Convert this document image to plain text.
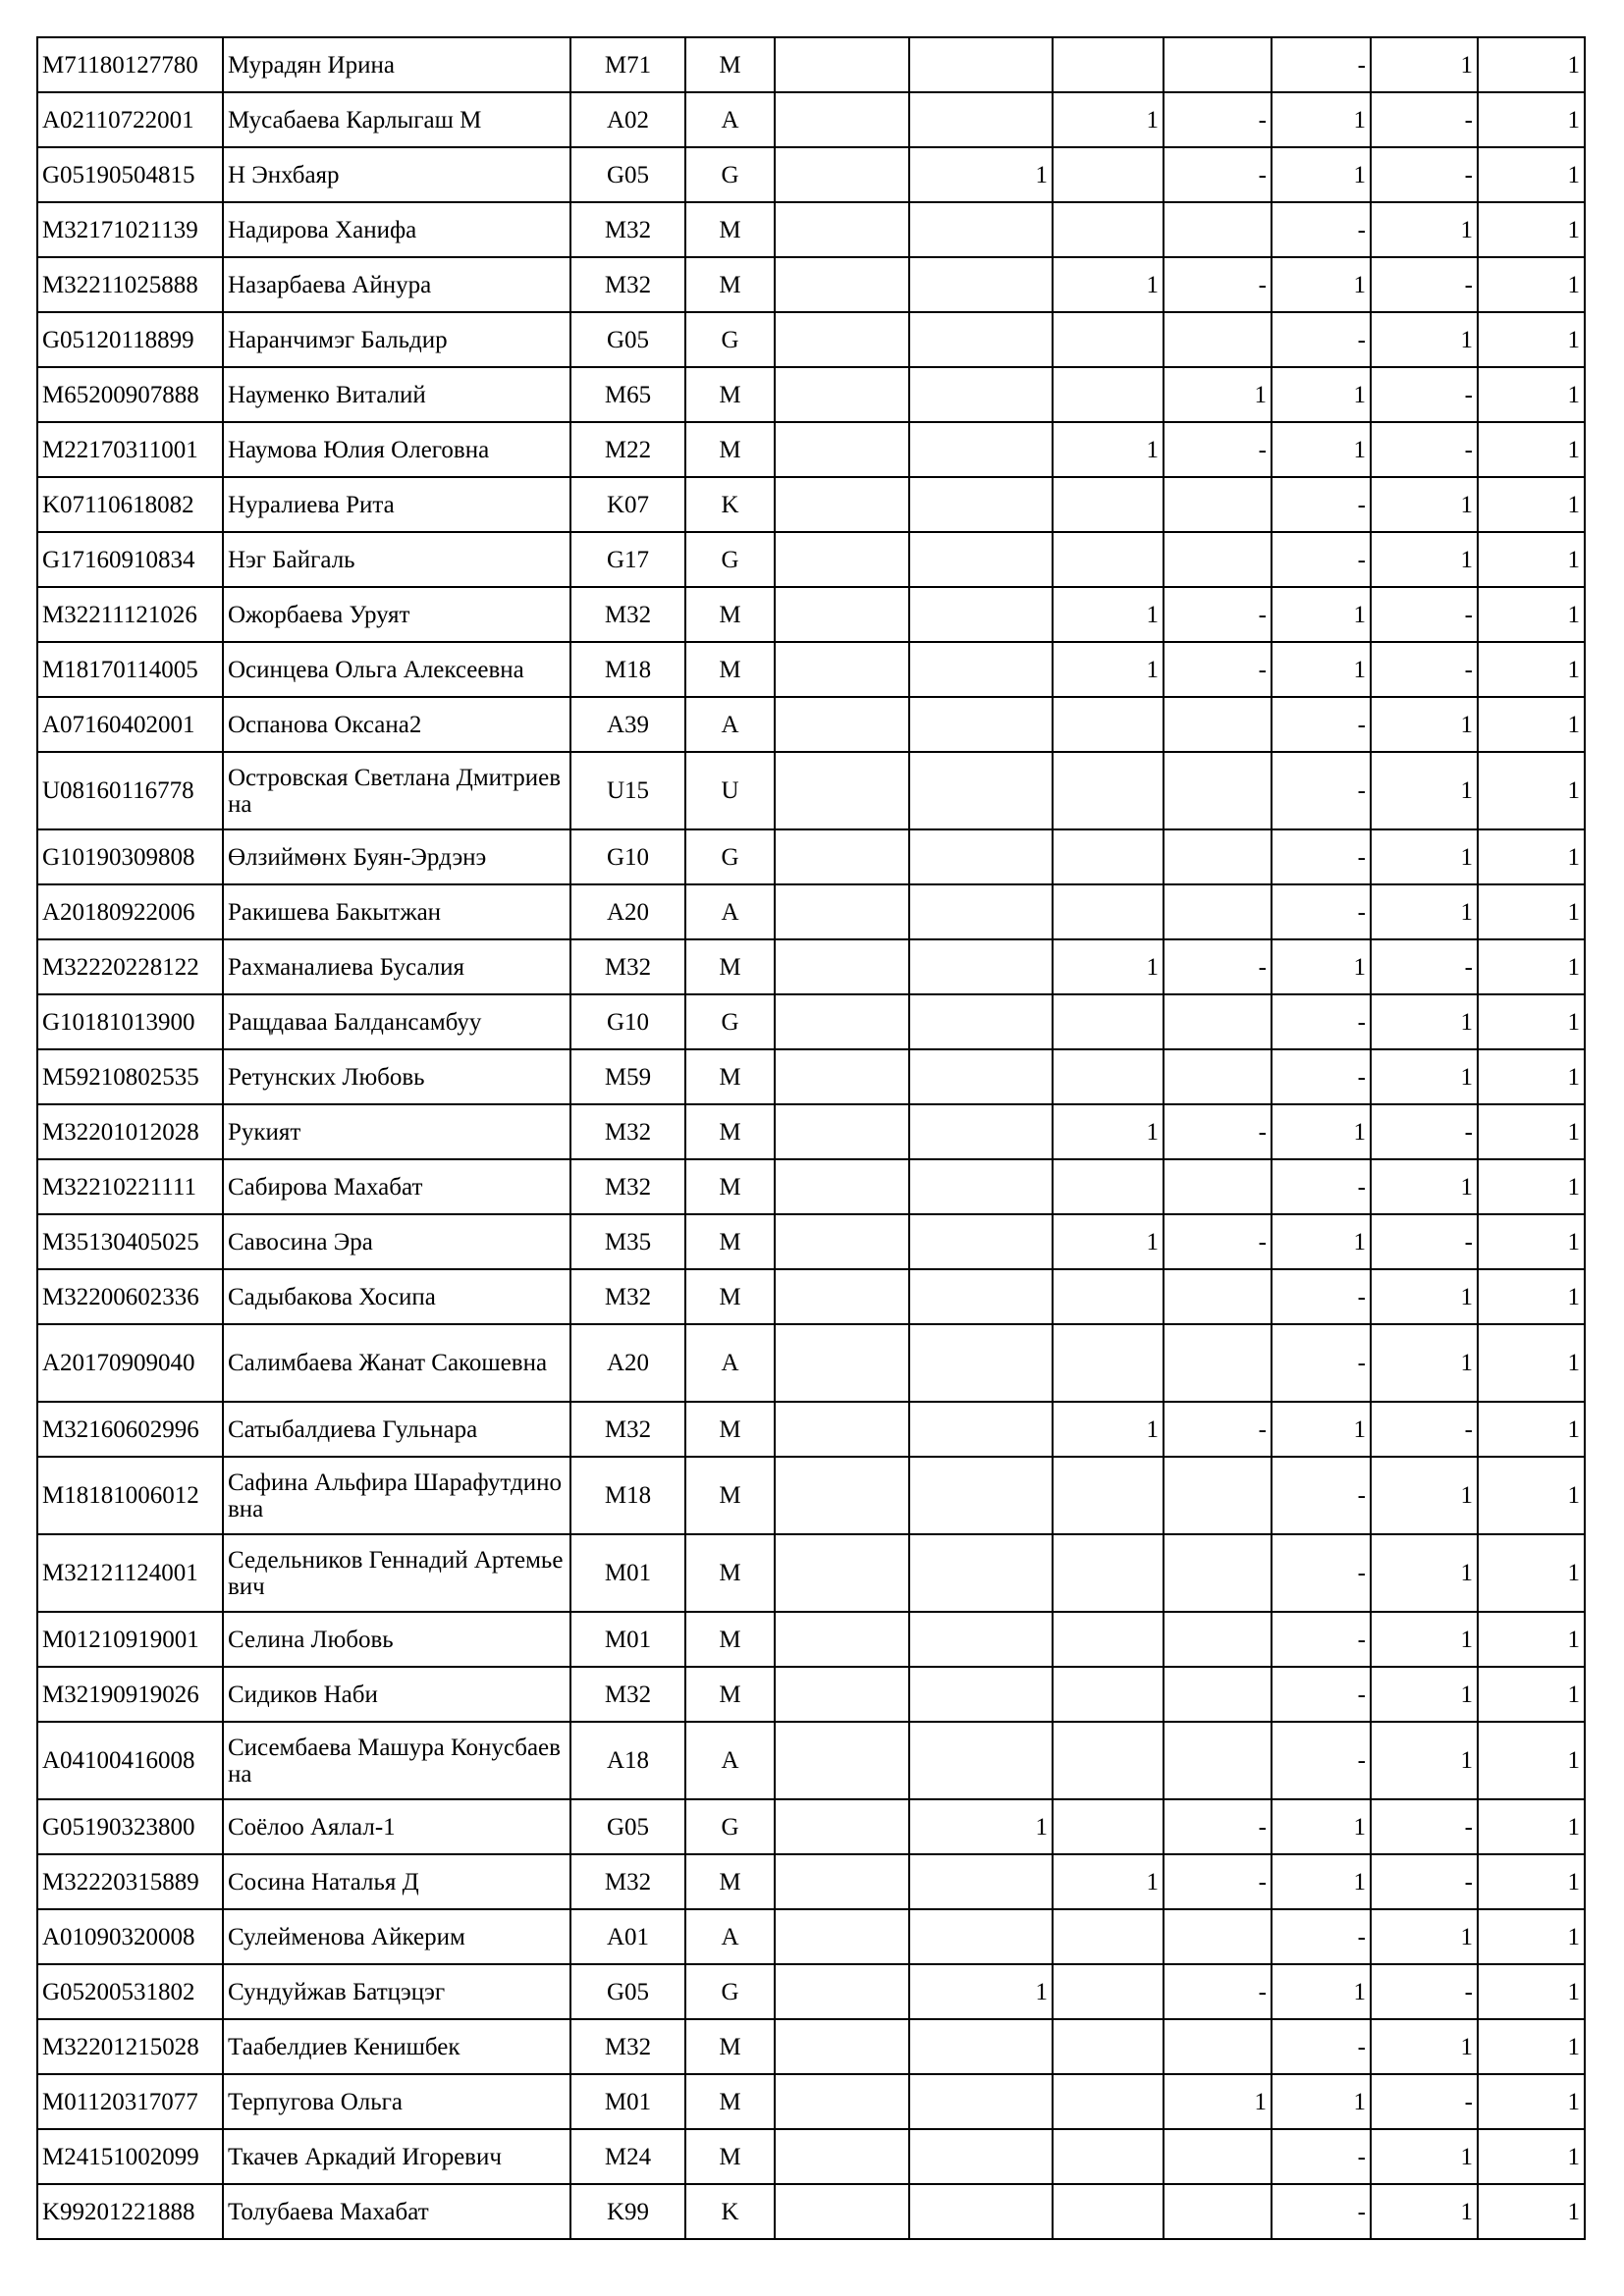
M71180127780	Мурадян Ирина	M71	M					-	1	1
A02110722001	Мусабаева Карлыгаш М	A02	A			1	-	1	-	1
G05190504815	Н Энхбаяр	G05	G		1		-	1	-	1
M32171021139	Надирова Ханифа	M32	M					-	1	1
M32211025888	Назарбаева Айнура	M32	M			1	-	1	-	1
G05120118899	Наранчимэг Бальдир	G05	G					-	1	1
M65200907888	Науменко Виталий	M65	M				1	1	-	1
M22170311001	Наумова Юлия Олеговна	M22	M			1	-	1	-	1
K07110618082	Нуралиева Рита	K07	K					-	1	1
G17160910834	Нэг Байгаль	G17	G					-	1	1
M32211121026	Ожорбаева Уруят	M32	M			1	-	1	-	1
M18170114005	Осинцева Ольга Алексеевна	M18	M			1	-	1	-	1
A07160402001	Оспанова Оксана2	A39	A					-	1	1
U08160116778	Островская Светлана Дмитриевна	U15	U					-	1	1
G10190309808	Өлзиймөнх Буян-Эрдэнэ	G10	G					-	1	1
A20180922006	Ракишева Бакытжан	A20	A					-	1	1
M32220228122	Рахманалиева Бусалия	M32	M			1	-	1	-	1
G10181013900	Ращдаваа Балдансамбуу	G10	G					-	1	1
M59210802535	Ретунских Любовь	M59	M					-	1	1
M32201012028	Рукият	M32	M			1	-	1	-	1
M32210221111	Сабирова Махабат	M32	M					-	1	1
M35130405025	Савосина Эра	M35	M			1	-	1	-	1
M32200602336	Садыбакова Хосипа	M32	M					-	1	1
A20170909040	Салимбаева Жанат Сакошевна	A20	A					-	1	1
M32160602996	Сатыбалдиева Гульнара	M32	M			1	-	1	-	1
M18181006012	Сафина Альфира Шарафутдиновна	M18	M					-	1	1
M32121124001	Седельников Геннадий Артемьевич	M01	M					-	1	1
M01210919001	Селина Любовь	M01	M					-	1	1
M32190919026	Сидиков Наби	M32	M					-	1	1
A04100416008	Сисембаева Машура Конусбаевна	A18	A					-	1	1
G05190323800	Соёлоо Аялал-1	G05	G		1		-	1	-	1
M32220315889	Сосина Наталья Д	M32	M			1	-	1	-	1
A01090320008	Сулейменова Айкерим	A01	A					-	1	1
G05200531802	Сундуйжав Батцэцэг	G05	G		1		-	1	-	1
M32201215028	Таабелдиев Кенишбек	M32	M					-	1	1
M01120317077	Терпугова Ольга	M01	M				1	1	-	1
M24151002099	Ткачев Аркадий Игоревич	M24	M					-	1	1
K99201221888	Толубаева Махабат	K99	K					-	1	1
